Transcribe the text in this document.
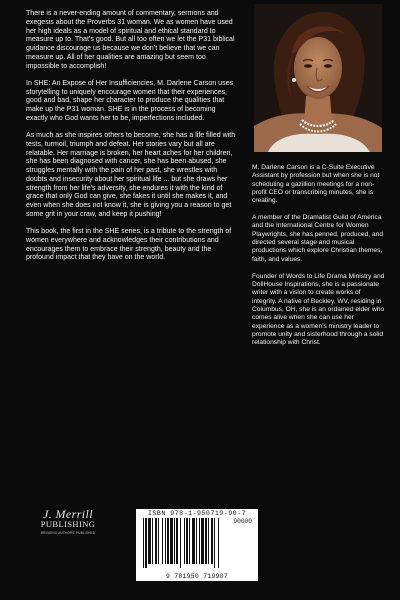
There is a never-ending amount of commentary, sermons and exegesis about the Proverbs 31 woman. We as women have used her high ideals as a model of spiritual and ethical standard to measure up to. That’s good. But all too often we let the P31 biblical guidance discourage us because we don’t believe that we can measure up. All of her qualities are amazing but seem too impossible to accomplish!

In SHE: An Expose of Her Insufficiencies, M. Darlene Carson uses storytelling to uniquely encourage women that their experiences, good and bad, shape her character to produce the qualities that make up the P31 woman. SHE is in the process of becoming exactly who God wants her to be, imperfections included.

As much as she inspires others to become, she has a life filled with tests, turmoil, triumph and defeat. Her stories vary but all are relatable. Her marriage is broken, her heart aches for her children, she has been diagnosed with cancer, she has been abused, she struggles mentally with the pain of her past, she wrestles with doubts and insecurity about her spiritual life ... but she draws her strength from her life’s adversity, she endures it with the kind of grace that only God can give, she fakes it until she makes it, and even when she does not know it, she is giving you a reason to get some grit in your craw, and keep it pushing!

This book, the first in the SHE series, is a tribute to the strength of women everywhere and acknowledges their contributions and encourages them to embrace their strength, beauty and the profound impact that they have on the world.

M. Darlene Carson is a C-Suite Executive Assistant by profession but when she is not scheduling a gazillion meetings for a non-profit CEO or transcribing minutes, she is creating.

A member of the Dramatist Guild of America and the International Centre for Women Playwrights, she has penned, produced, and directed several stage and musical productions which explore Christian themes, faith, and values.

Founder of Words to Life Drama Ministry and DollHouse Inspirations, she is a passionate writer with a vision to create works of integrity. A native of Beckley, WV, residing in Columbus, OH, she is an ordained elder who comes alive when she can use her experience as a women’s ministry leader to promote unity and sisterhood through a solid relationship with Christ.

J. Merrill
PUBLISHING
BRINGING AUTHORS' PUBLISHED
ISBN 978-1-950719-90-7
90000
9 781950 719907
